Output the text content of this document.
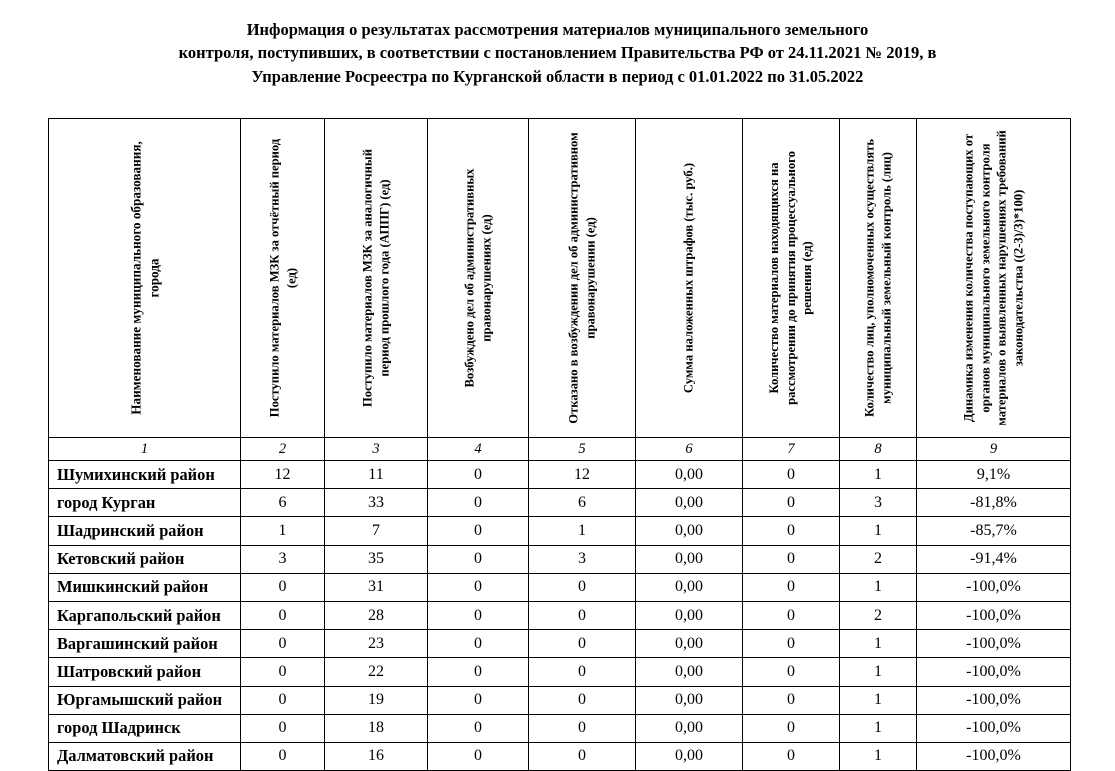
Информация о результатах рассмотрения материалов муниципального земельного
контроля, поступивших, в соответствии с постановлением Правительства РФ от 24.11.2021 № 2019, в
Управление Росреестра по Курганской области в период с 01.01.2022 по 31.05.2022
Наименование муниципального образования, города	Поступило материалов МЗК за отчётный период (ед)	Поступило материалов МЗК за аналогичный период прошлого года (АППГ) (ед)	Возбуждено дел об административных правонарушениях (ед)	Отказано в возбуждении дел об административном правонарушении (ед)	Сумма наложенных штрафов (тыс. руб.)	Количество материалов находящихся на рассмотрении до принятия процессуального решения (ед)	Количество лиц, уполномоченных осуществлять муниципальный земельный контроль (лиц)	Динамика изменения количества поступающих от органов муниципального земельного контроля материалов о выявленных нарушениях требований законодательства ((2-3)/3)*100)

1	2	3	4	5	6	7	8	9
Шумихинский район	12	11	0	12	0,00	0	1	9,1%
город Курган	6	33	0	6	0,00	0	3	-81,8%
Шадринский район	1	7	0	1	0,00	0	1	-85,7%
Кетовский район	3	35	0	3	0,00	0	2	-91,4%
Мишкинский район	0	31	0	0	0,00	0	1	-100,0%
Каргапольский район	0	28	0	0	0,00	0	2	-100,0%
Варгашинский район	0	23	0	0	0,00	0	1	-100,0%
Шатровский район	0	22	0	0	0,00	0	1	-100,0%
Юргамышский район	0	19	0	0	0,00	0	1	-100,0%
город Шадринск	0	18	0	0	0,00	0	1	-100,0%
Далматовский район	0	16	0	0	0,00	0	1	-100,0%
